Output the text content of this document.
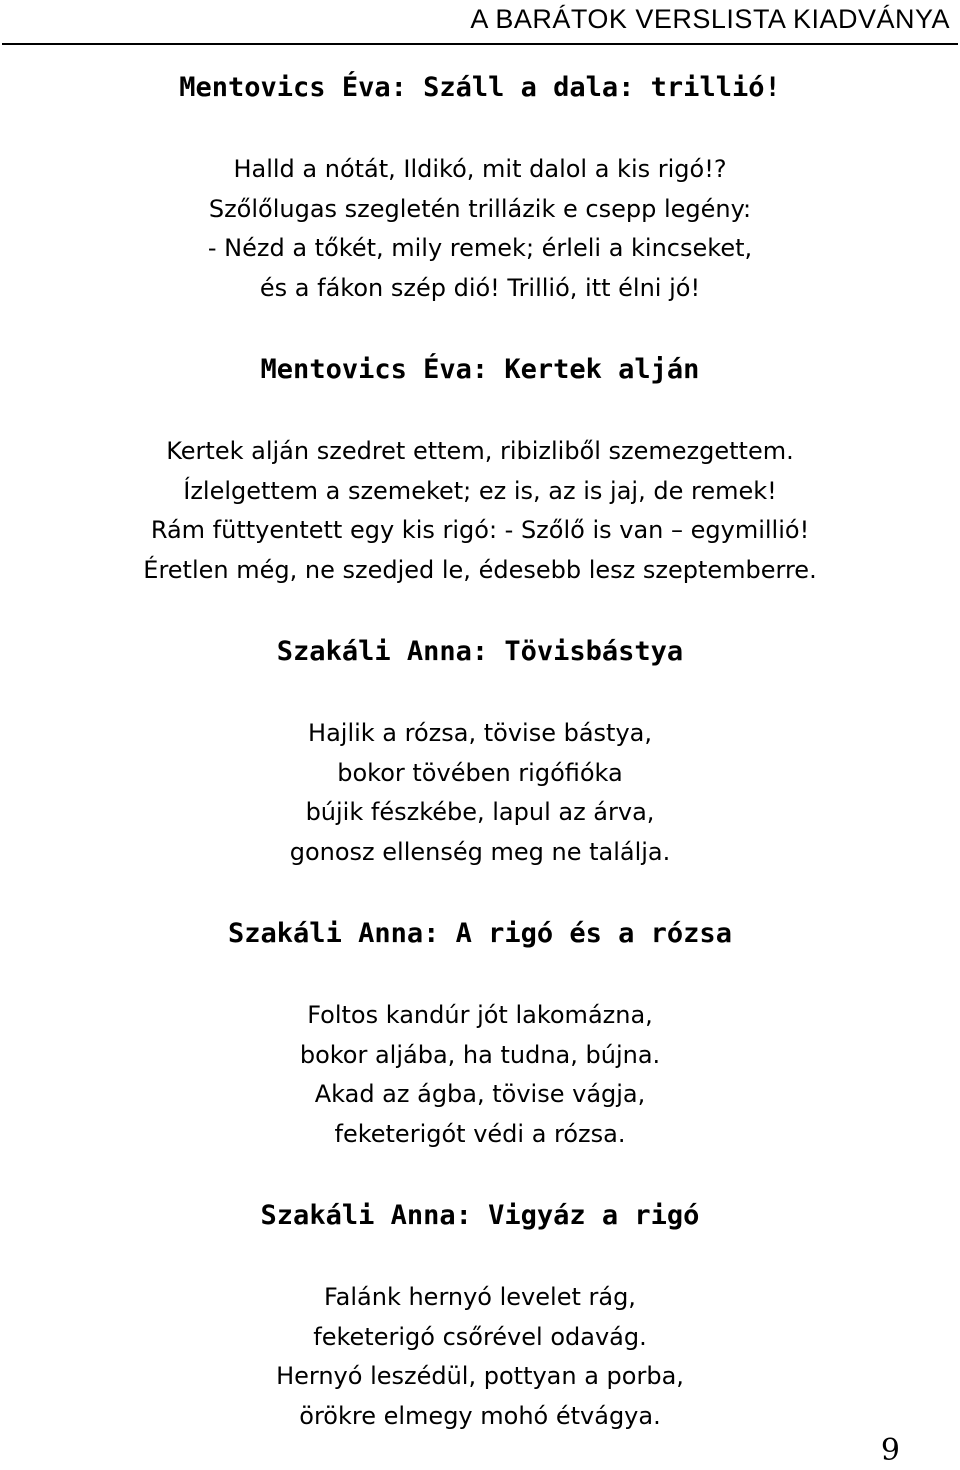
A BARÁTOK VERSLISTA KIADVÁNYA
Mentovics Éva: Száll a dala: trillió!
Halld a nótát, Ildikó, mit dalol a kis rigó!?
Szőlőlugas szegletén trillázik e csepp legény:
- Nézd a tőkét, mily remek; érleli a kincseket,
és a fákon szép dió! Trillió, itt élni jó!
Mentovics Éva: Kertek alján
Kertek alján szedret ettem, ribizliből szemezgettem.
Ízlelgettem a szemeket; ez is, az is jaj, de remek!
Rám füttyentett egy kis rigó: - Szőlő is van – egymillió!
Éretlen még, ne szedjed le, édesebb lesz szeptemberre.
Szakáli Anna: Tövisbástya
Hajlik a rózsa, tövise bástya,
bokor tövében rigófióka
bújik fészkébe, lapul az árva,
gonosz ellenség meg ne találja.
Szakáli Anna: A rigó és a rózsa
Foltos kandúr jót lakomázna,
bokor aljába, ha tudna, bújna.
Akad az ágba, tövise vágja,
feketerigót védi a rózsa.
Szakáli Anna: Vigyáz a rigó
Falánk hernyó levelet rág,
feketerigó csőrével odavág.
Hernyó leszédül, pottyan a porba,
örökre elmegy mohó étvágya.
9
